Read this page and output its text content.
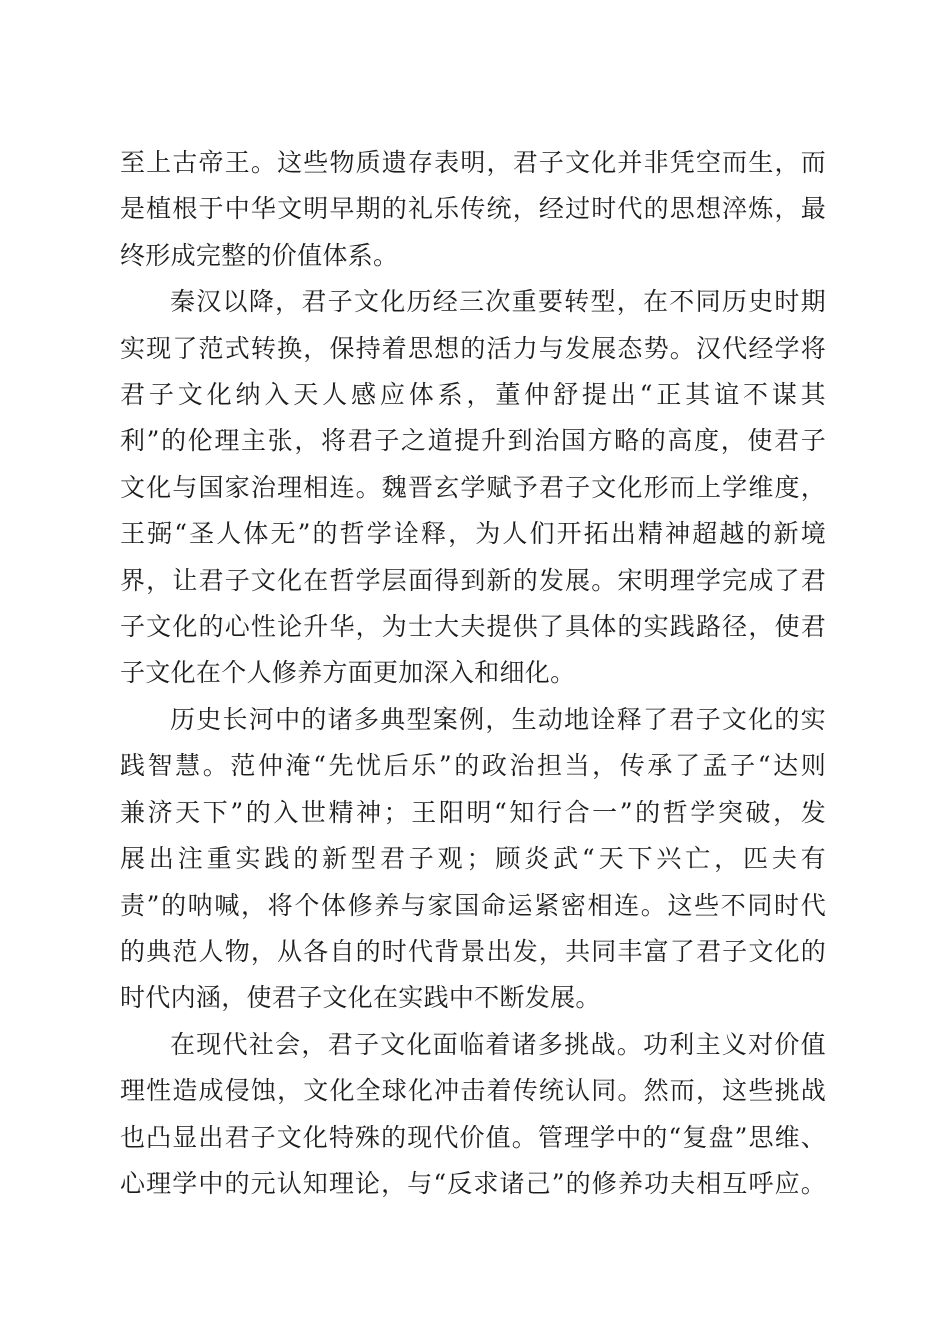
至上古帝王。这些物质遗存表明，君子文化并非凭空而生，而
是植根于中华文明早期的礼乐传统，经过时代的思想淬炼，最
终形成完整的价值体系。
秦汉以降，君子文化历经三次重要转型，在不同历史时期
实现了范式转换，保持着思想的活力与发展态势。汉代经学将
君子文化纳入天人感应体系，董仲舒提出“正其谊不谋其
利”的伦理主张，将君子之道提升到治国方略的高度，使君子
文化与国家治理相连。魏晋玄学赋予君子文化形而上学维度，
王弼“圣人体无”的哲学诠释，为人们开拓出精神超越的新境
界，让君子文化在哲学层面得到新的发展。宋明理学完成了君
子文化的心性论升华，为士大夫提供了具体的实践路径，使君
子文化在个人修养方面更加深入和细化。
历史长河中的诸多典型案例，生动地诠释了君子文化的实
践智慧。范仲淹“先忧后乐”的政治担当，传承了孟子“达则
兼济天下”的入世精神；王阳明“知行合一”的哲学突破，发
展出注重实践的新型君子观；顾炎武“天下兴亡，匹夫有
责”的呐喊，将个体修养与家国命运紧密相连。这些不同时代
的典范人物，从各自的时代背景出发，共同丰富了君子文化的
时代内涵，使君子文化在实践中不断发展。
在现代社会，君子文化面临着诸多挑战。功利主义对价值
理性造成侵蚀，文化全球化冲击着传统认同。然而，这些挑战
也凸显出君子文化特殊的现代价值。管理学中的“复盘”思维、
心理学中的元认知理论，与“反求诸己”的修养功夫相互呼应。
